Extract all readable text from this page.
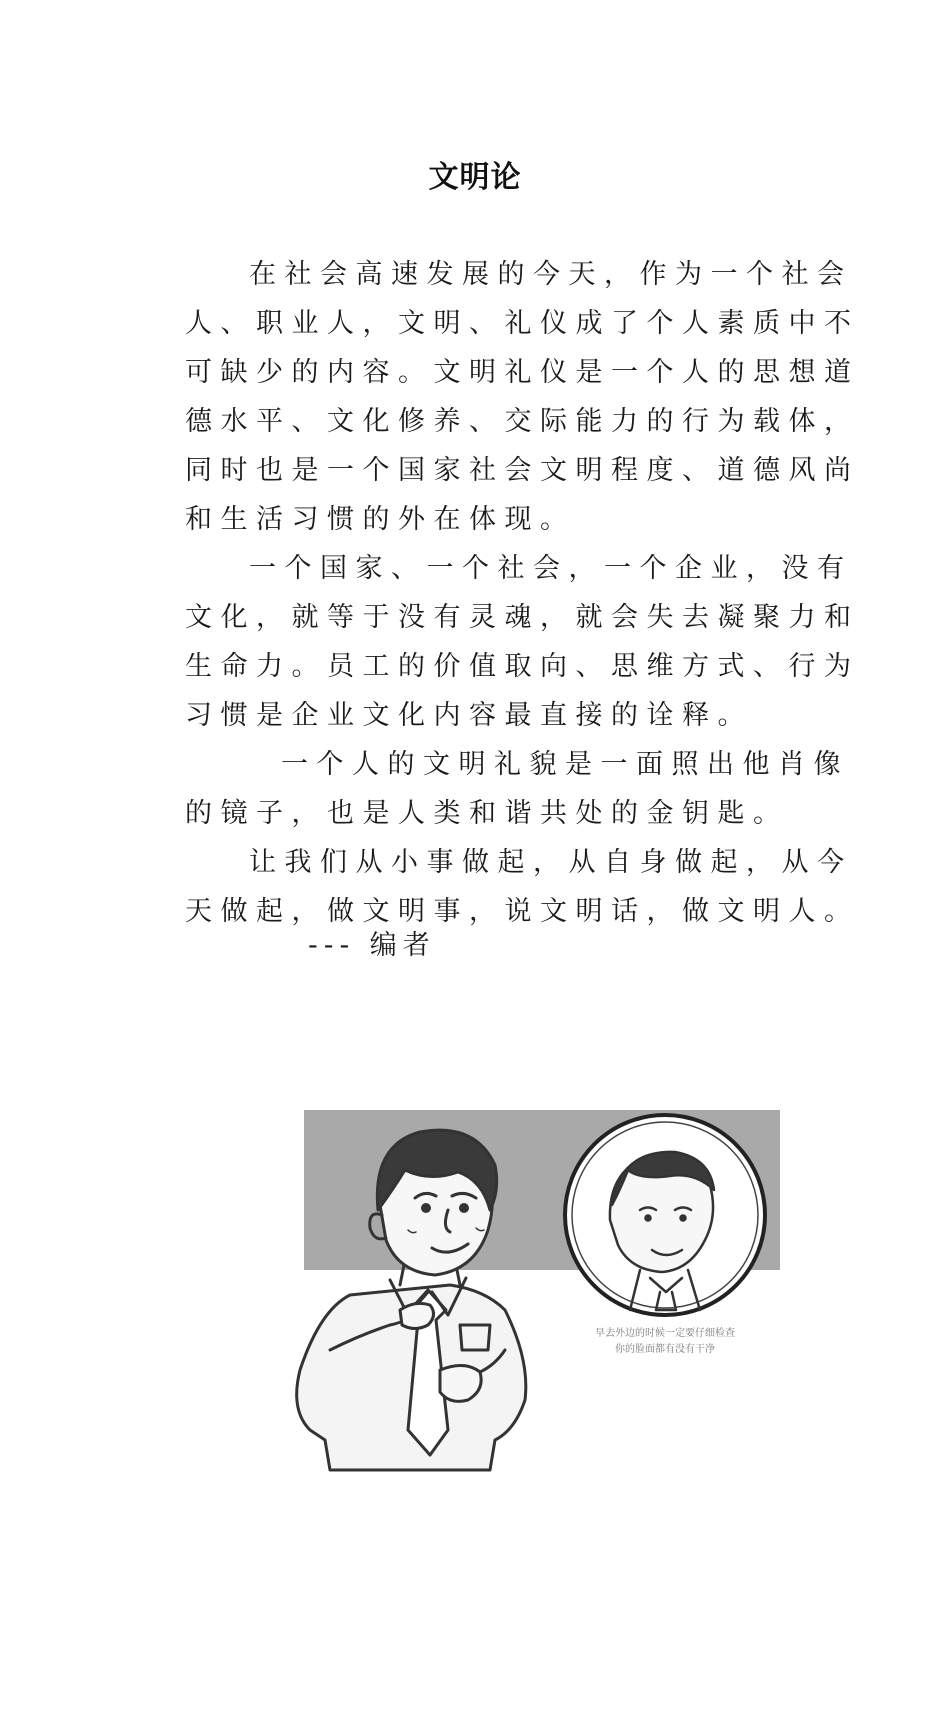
文明论

在社会高速发展的今天，作为一个社会人、职业人，文明、礼仪成了个人素质中不可缺少的内容。文明礼仪是一个人的思想道德水平、文化修养、交际能力的行为载体，同时也是一个国家社会文明程度、道德风尚和生活习惯的外在体现。

一个国家、一个社会，一个企业，没有文化，就等于没有灵魂，就会失去凝聚力和生命力。员工的价值取向、思维方式、行为习惯是企业文化内容最直接的诠释。

一个人的文明礼貌是一面照出他肖像的镜子，也是人类和谐共处的金钥匙。

让我们从小事做起，从自身做起，从今天做起，做文明事，说文明话，做文明人。

--- 编者
早去外边的时候一定要仔细检查
你的脸面都有没有干净
